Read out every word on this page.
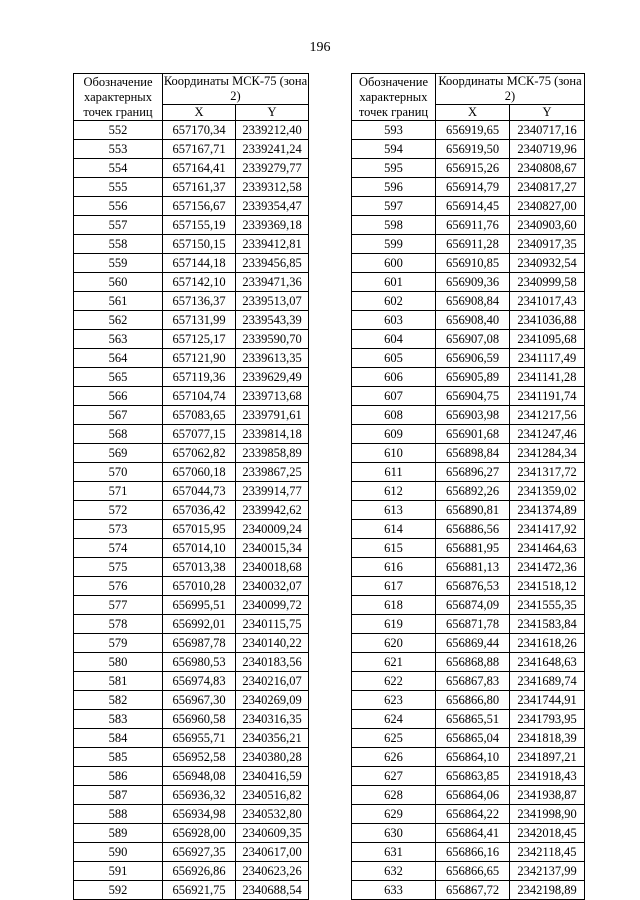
196
Обозначение характерных точек границ	Координаты МСК-75 (зона 2)	
	X	Y
552	657170,34	2339212,40
553	657167,71	2339241,24
554	657164,41	2339279,77
555	657161,37	2339312,58
556	657156,67	2339354,47
557	657155,19	2339369,18
558	657150,15	2339412,81
559	657144,18	2339456,85
560	657142,10	2339471,36
561	657136,37	2339513,07
562	657131,99	2339543,39
563	657125,17	2339590,70
564	657121,90	2339613,35
565	657119,36	2339629,49
566	657104,74	2339713,68
567	657083,65	2339791,61
568	657077,15	2339814,18
569	657062,82	2339858,89
570	657060,18	2339867,25
571	657044,73	2339914,77
572	657036,42	2339942,62
573	657015,95	2340009,24
574	657014,10	2340015,34
575	657013,38	2340018,68
576	657010,28	2340032,07
577	656995,51	2340099,72
578	656992,01	2340115,75
579	656987,78	2340140,22
580	656980,53	2340183,56
581	656974,83	2340216,07
582	656967,30	2340269,09
583	656960,58	2340316,35
584	656955,71	2340356,21
585	656952,58	2340380,28
586	656948,08	2340416,59
587	656936,32	2340516,82
588	656934,98	2340532,80
589	656928,00	2340609,35
590	656927,35	2340617,00
591	656926,86	2340623,26
592	656921,75	2340688,54
Обозначение характерных точек границ	Координаты МСК-75 (зона 2)	
	X	Y
593	656919,65	2340717,16
594	656919,50	2340719,96
595	656915,26	2340808,67
596	656914,79	2340817,27
597	656914,45	2340827,00
598	656911,76	2340903,60
599	656911,28	2340917,35
600	656910,85	2340932,54
601	656909,36	2340999,58
602	656908,84	2341017,43
603	656908,40	2341036,88
604	656907,08	2341095,68
605	656906,59	2341117,49
606	656905,89	2341141,28
607	656904,75	2341191,74
608	656903,98	2341217,56
609	656901,68	2341247,46
610	656898,84	2341284,34
611	656896,27	2341317,72
612	656892,26	2341359,02
613	656890,81	2341374,89
614	656886,56	2341417,92
615	656881,95	2341464,63
616	656881,13	2341472,36
617	656876,53	2341518,12
618	656874,09	2341555,35
619	656871,78	2341583,84
620	656869,44	2341618,26
621	656868,88	2341648,63
622	656867,83	2341689,74
623	656866,80	2341744,91
624	656865,51	2341793,95
625	656865,04	2341818,39
626	656864,10	2341897,21
627	656863,85	2341918,43
628	656864,06	2341938,87
629	656864,22	2341998,90
630	656864,41	2342018,45
631	656866,16	2342118,45
632	656866,65	2342137,99
633	656867,72	2342198,89
